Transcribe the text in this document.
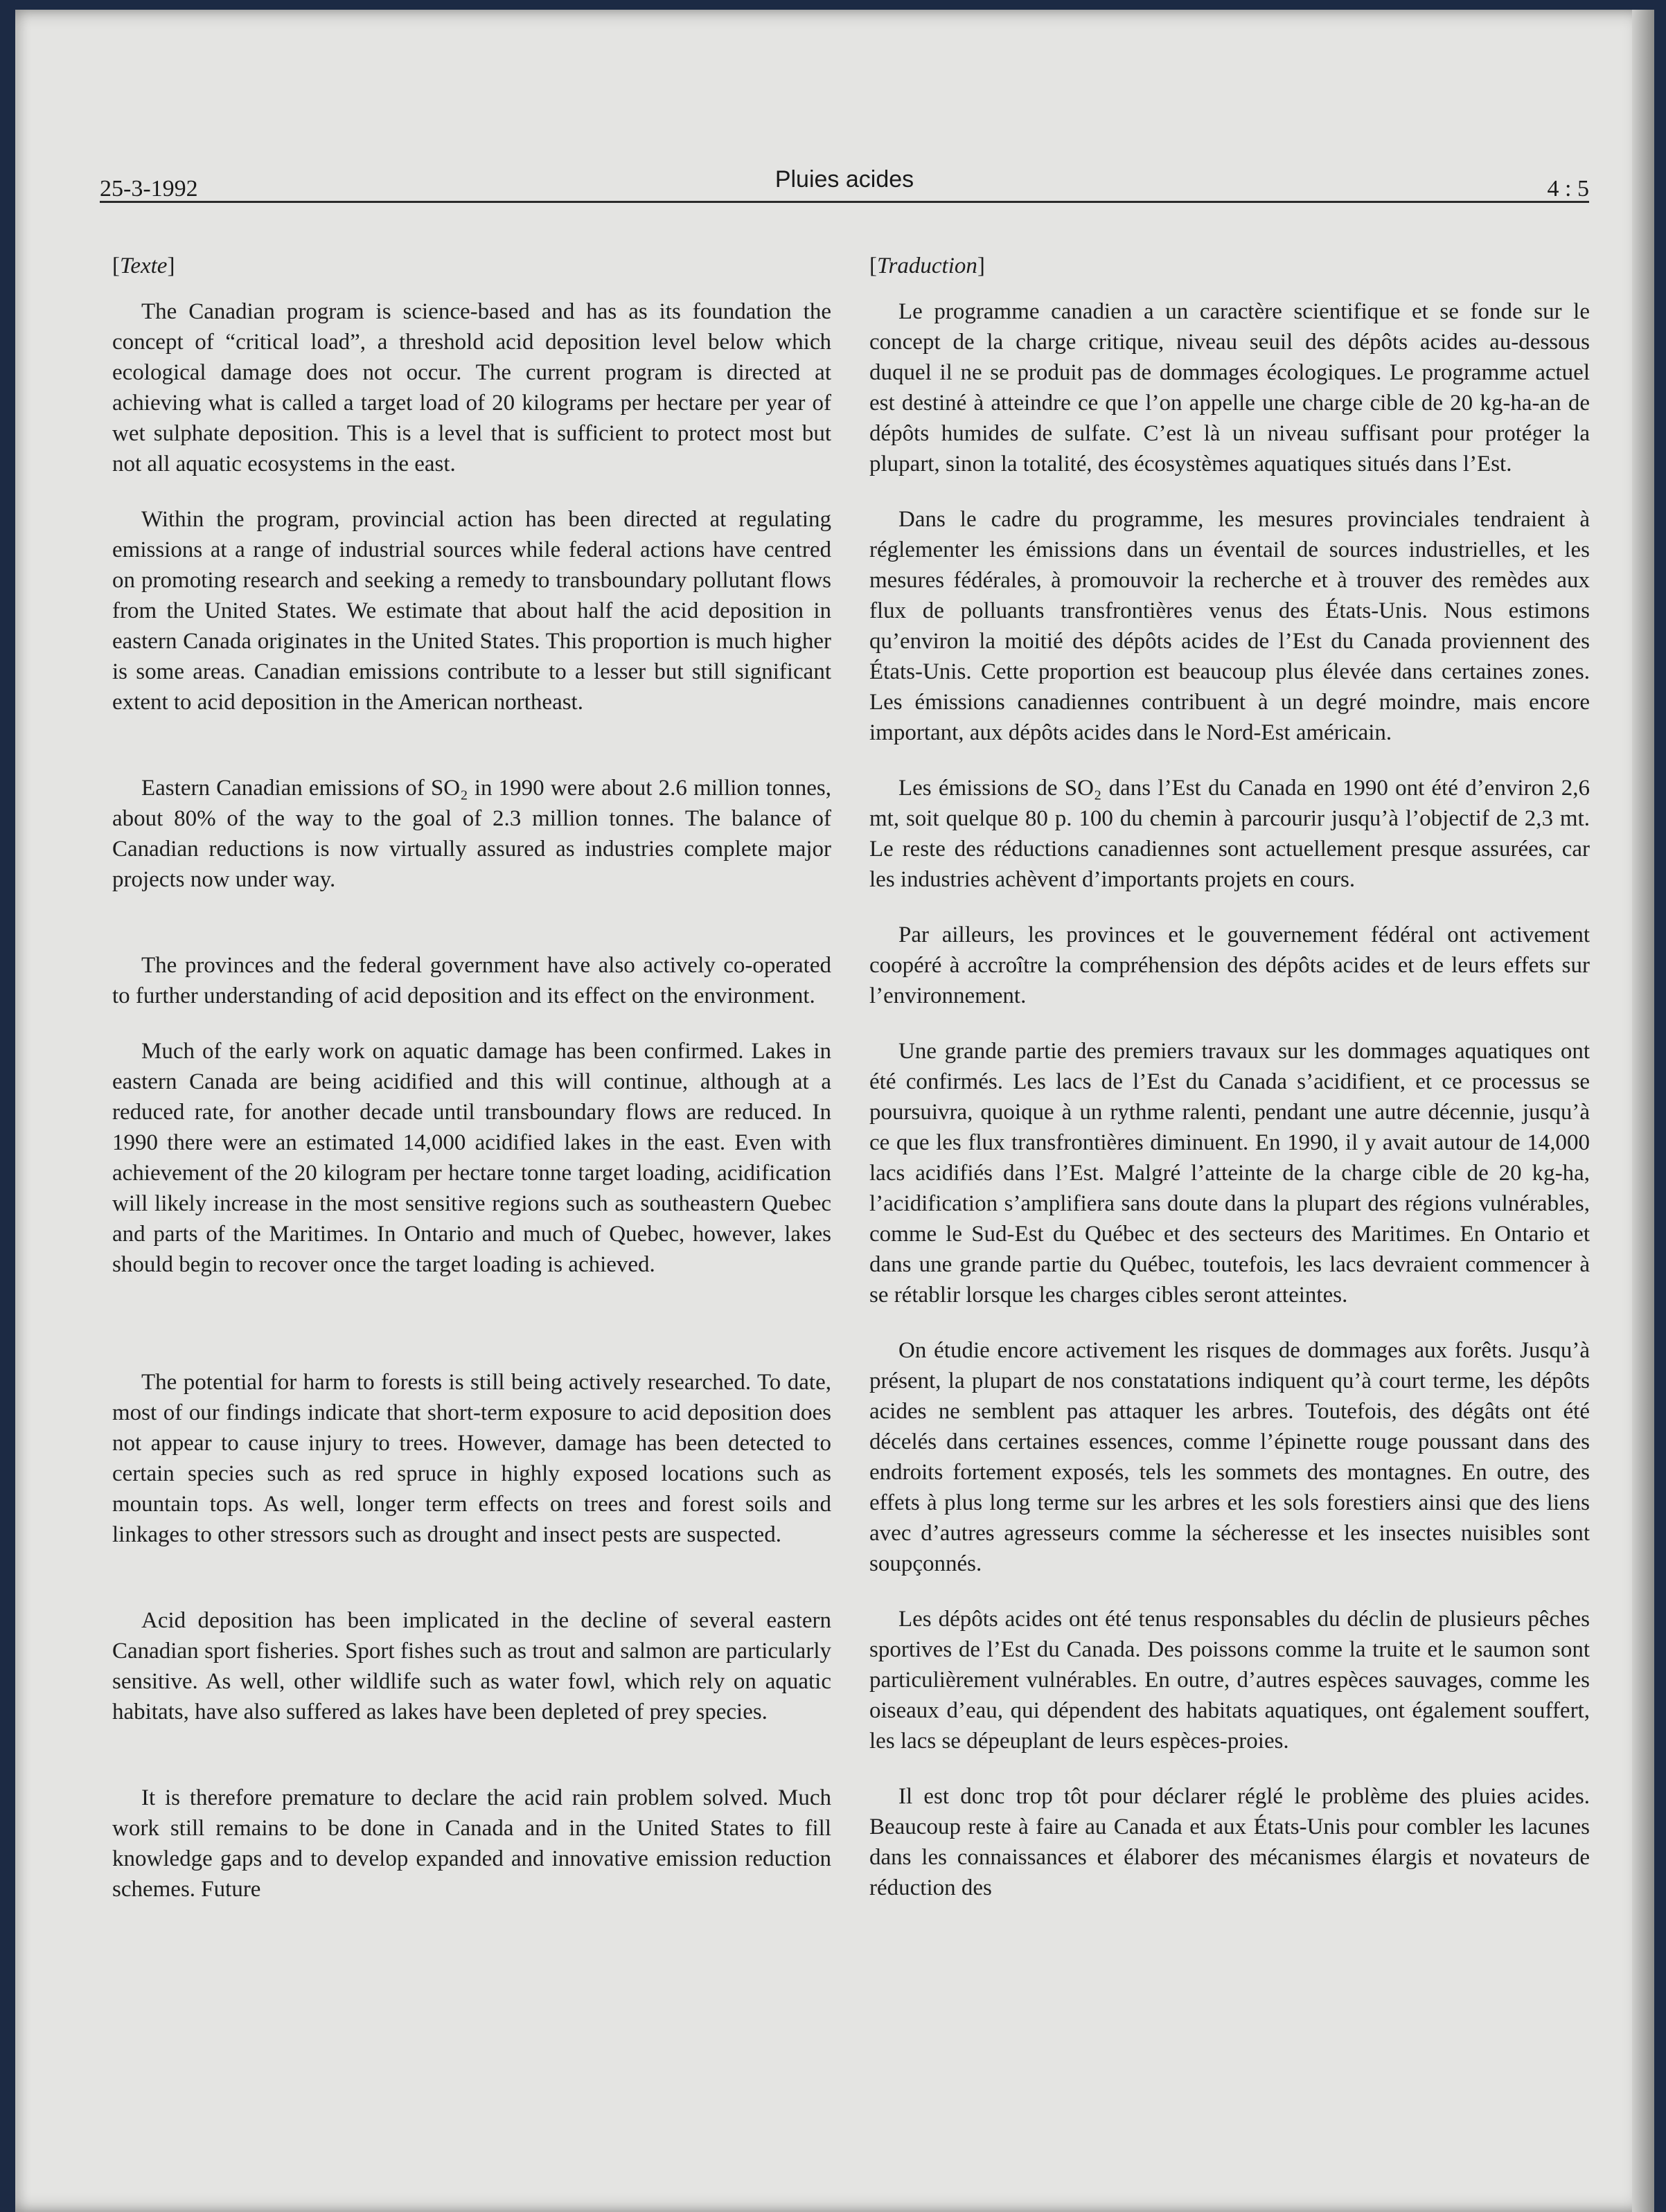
25-3-1992	Pluies acides	4 : 5
[Texte]

The Canadian program is science-based and has as its foundation the concept of “critical load”, a threshold acid deposition level below which ecological damage does not occur. The current program is directed at achieving what is called a target load of 20 kilograms per hectare per year of wet sulphate deposition. This is a level that is sufficient to protect most but not all aquatic ecosystems in the east.

Within the program, provincial action has been directed at regulating emissions at a range of industrial sources while federal actions have centred on promoting research and seeking a remedy to transboundary pollutant flows from the United States. We estimate that about half the acid deposition in eastern Canada originates in the United States. This proportion is much higher is some areas. Canadian emissions contribute to a lesser but still significant extent to acid deposition in the American northeast.

Eastern Canadian emissions of SO₂ in 1990 were about 2.6 million tonnes, about 80% of the way to the goal of 2.3 million tonnes. The balance of Canadian reductions is now virtually assured as industries complete major projects now under way.

The provinces and the federal government have also actively co-operated to further understanding of acid deposition and its effect on the environment.

Much of the early work on aquatic damage has been confirmed. Lakes in eastern Canada are being acidified and this will continue, although at a reduced rate, for another decade until transboundary flows are reduced. In 1990 there were an estimated 14,000 acidified lakes in the east. Even with achievement of the 20 kilogram per hectare tonne target loading, acidification will likely increase in the most sensitive regions such as southeastern Quebec and parts of the Maritimes. In Ontario and much of Quebec, however, lakes should begin to recover once the target loading is achieved.

The potential for harm to forests is still being actively researched. To date, most of our findings indicate that short-term exposure to acid deposition does not appear to cause injury to trees. However, damage has been detected to certain species such as red spruce in highly exposed locations such as mountain tops. As well, longer term effects on trees and forest soils and linkages to other stressors such as drought and insect pests are suspected.

Acid deposition has been implicated in the decline of several eastern Canadian sport fisheries. Sport fishes such as trout and salmon are particularly sensitive. As well, other wildlife such as water fowl, which rely on aquatic habitats, have also suffered as lakes have been depleted of prey species.

It is therefore premature to declare the acid rain problem solved. Much work still remains to be done in Canada and in the United States to fill knowledge gaps and to develop expanded and innovative emission reduction schemes. Future

[Traduction]

Le programme canadien a un caractère scientifique et se fonde sur le concept de la charge critique, niveau seuil des dépôts acides au-dessous duquel il ne se produit pas de dommages écologiques. Le programme actuel est destiné à atteindre ce que l’on appelle une charge cible de 20 kg-ha-an de dépôts humides de sulfate. C’est là un niveau suffisant pour protéger la plupart, sinon la totalité, des écosystèmes aquatiques situés dans l’Est.

Dans le cadre du programme, les mesures provinciales tendraient à réglementer les émissions dans un éventail de sources industrielles, et les mesures fédérales, à promouvoir la recherche et à trouver des remèdes aux flux de polluants transfrontières venus des États-Unis. Nous estimons qu’environ la moitié des dépôts acides de l’Est du Canada proviennent des États-Unis. Cette proportion est beaucoup plus élevée dans certaines zones. Les émissions canadiennes contribuent à un degré moindre, mais encore important, aux dépôts acides dans le Nord-Est américain.

Les émissions de SO₂ dans l’Est du Canada en 1990 ont été d’environ 2,6 mt, soit quelque 80 p. 100 du chemin à parcourir jusqu’à l’objectif de 2,3 mt. Le reste des réductions canadiennes sont actuellement presque assurées, car les industries achèvent d’importants projets en cours.

Par ailleurs, les provinces et le gouvernement fédéral ont activement coopéré à accroître la compréhension des dépôts acides et de leurs effets sur l’environnement.

Une grande partie des premiers travaux sur les dommages aquatiques ont été confirmés. Les lacs de l’Est du Canada s’acidifient, et ce processus se poursuivra, quoique à un rythme ralenti, pendant une autre décennie, jusqu’à ce que les flux transfrontières diminuent. En 1990, il y avait autour de 14,000 lacs acidifiés dans l’Est. Malgré l’atteinte de la charge cible de 20 kg-ha, l’acidification s’amplifiera sans doute dans la plupart des régions vulnérables, comme le Sud-Est du Québec et des secteurs des Maritimes. En Ontario et dans une grande partie du Québec, toutefois, les lacs devraient commencer à se rétablir lorsque les charges cibles seront atteintes.

On étudie encore activement les risques de dommages aux forêts. Jusqu’à présent, la plupart de nos constatations indiquent qu’à court terme, les dépôts acides ne semblent pas attaquer les arbres. Toutefois, des dégâts ont été décelés dans certaines essences, comme l’épinette rouge poussant dans des endroits fortement exposés, tels les sommets des montagnes. En outre, des effets à plus long terme sur les arbres et les sols forestiers ainsi que des liens avec d’autres agresseurs comme la sécheresse et les insectes nuisibles sont soupçonnés.

Les dépôts acides ont été tenus responsables du déclin de plusieurs pêches sportives de l’Est du Canada. Des poissons comme la truite et le saumon sont particulièrement vulnérables. En outre, d’autres espèces sauvages, comme les oiseaux d’eau, qui dépendent des habitats aquatiques, ont également souffert, les lacs se dépeuplant de leurs espèces-proies.

Il est donc trop tôt pour déclarer réglé le problème des pluies acides. Beaucoup reste à faire au Canada et aux États-Unis pour combler les lacunes dans les connaissances et élaborer des mécanismes élargis et novateurs de réduction des
